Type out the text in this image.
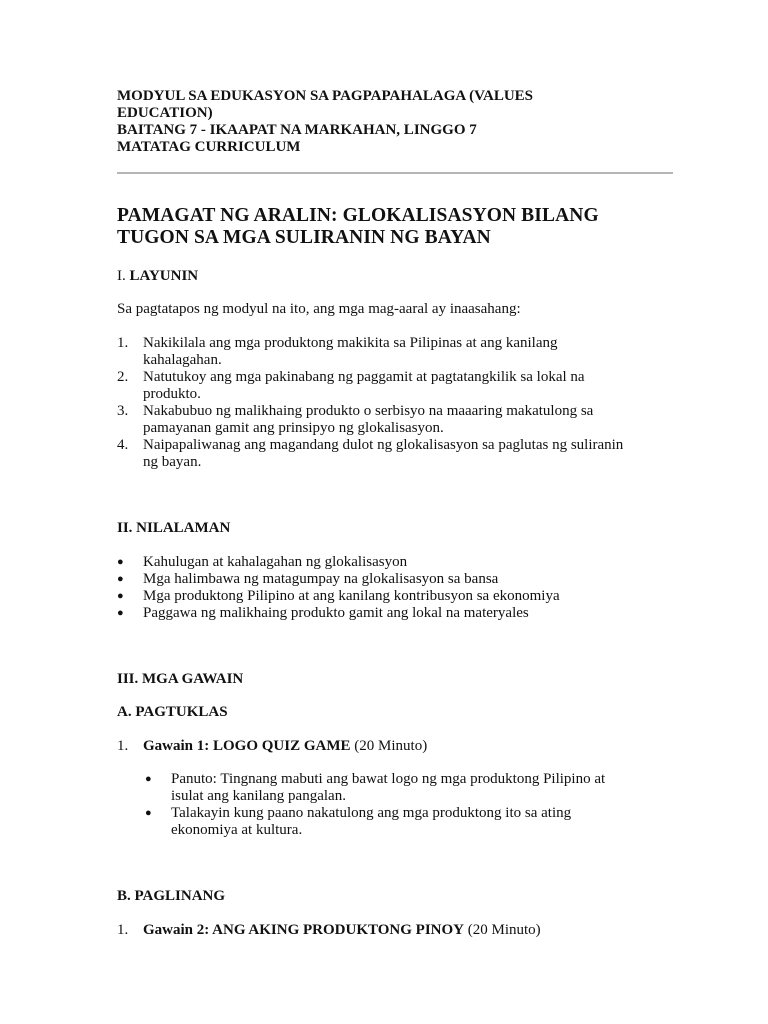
MODYUL SA EDUKASYON SA PAGPAPAHALAGA (VALUES
EDUCATION)
BAITANG 7 - IKAAPAT NA MARKAHAN, LINGGO 7
MATATAG CURRICULUM
PAMAGAT NG ARALIN: GLOKALISASYON BILANG
TUGON SA MGA SULIRANIN NG BAYAN
I. LAYUNIN
Sa pagtatapos ng modyul na ito, ang mga mag-aaral ay inaasahang:
1. Nakikilala ang mga produktong makikita sa Pilipinas at ang kanilang
kahalagahan.
2. Natutukoy ang mga pakinabang ng paggamit at pagtatangkilik sa lokal na
produkto.
3. Nakabubuo ng malikhaing produkto o serbisyo na maaaring makatulong sa
pamayanan gamit ang prinsipyo ng glokalisasyon.
4. Naipapaliwanag ang magandang dulot ng glokalisasyon sa paglutas ng suliranin
ng bayan.
II. NILALAMAN
● Kahulugan at kahalagahan ng glokalisasyon
● Mga halimbawa ng matagumpay na glokalisasyon sa bansa
● Mga produktong Pilipino at ang kanilang kontribusyon sa ekonomiya
● Paggawa ng malikhaing produkto gamit ang lokal na materyales
III. MGA GAWAIN
A. PAGTUKLAS
1. Gawain 1: LOGO QUIZ GAME (20 Minuto)
● Panuto: Tingnang mabuti ang bawat logo ng mga produktong Pilipino at
isulat ang kanilang pangalan.
● Talakayin kung paano nakatulong ang mga produktong ito sa ating
ekonomiya at kultura.
B. PAGLINANG
1. Gawain 2: ANG AKING PRODUKTONG PINOY (20 Minuto)
